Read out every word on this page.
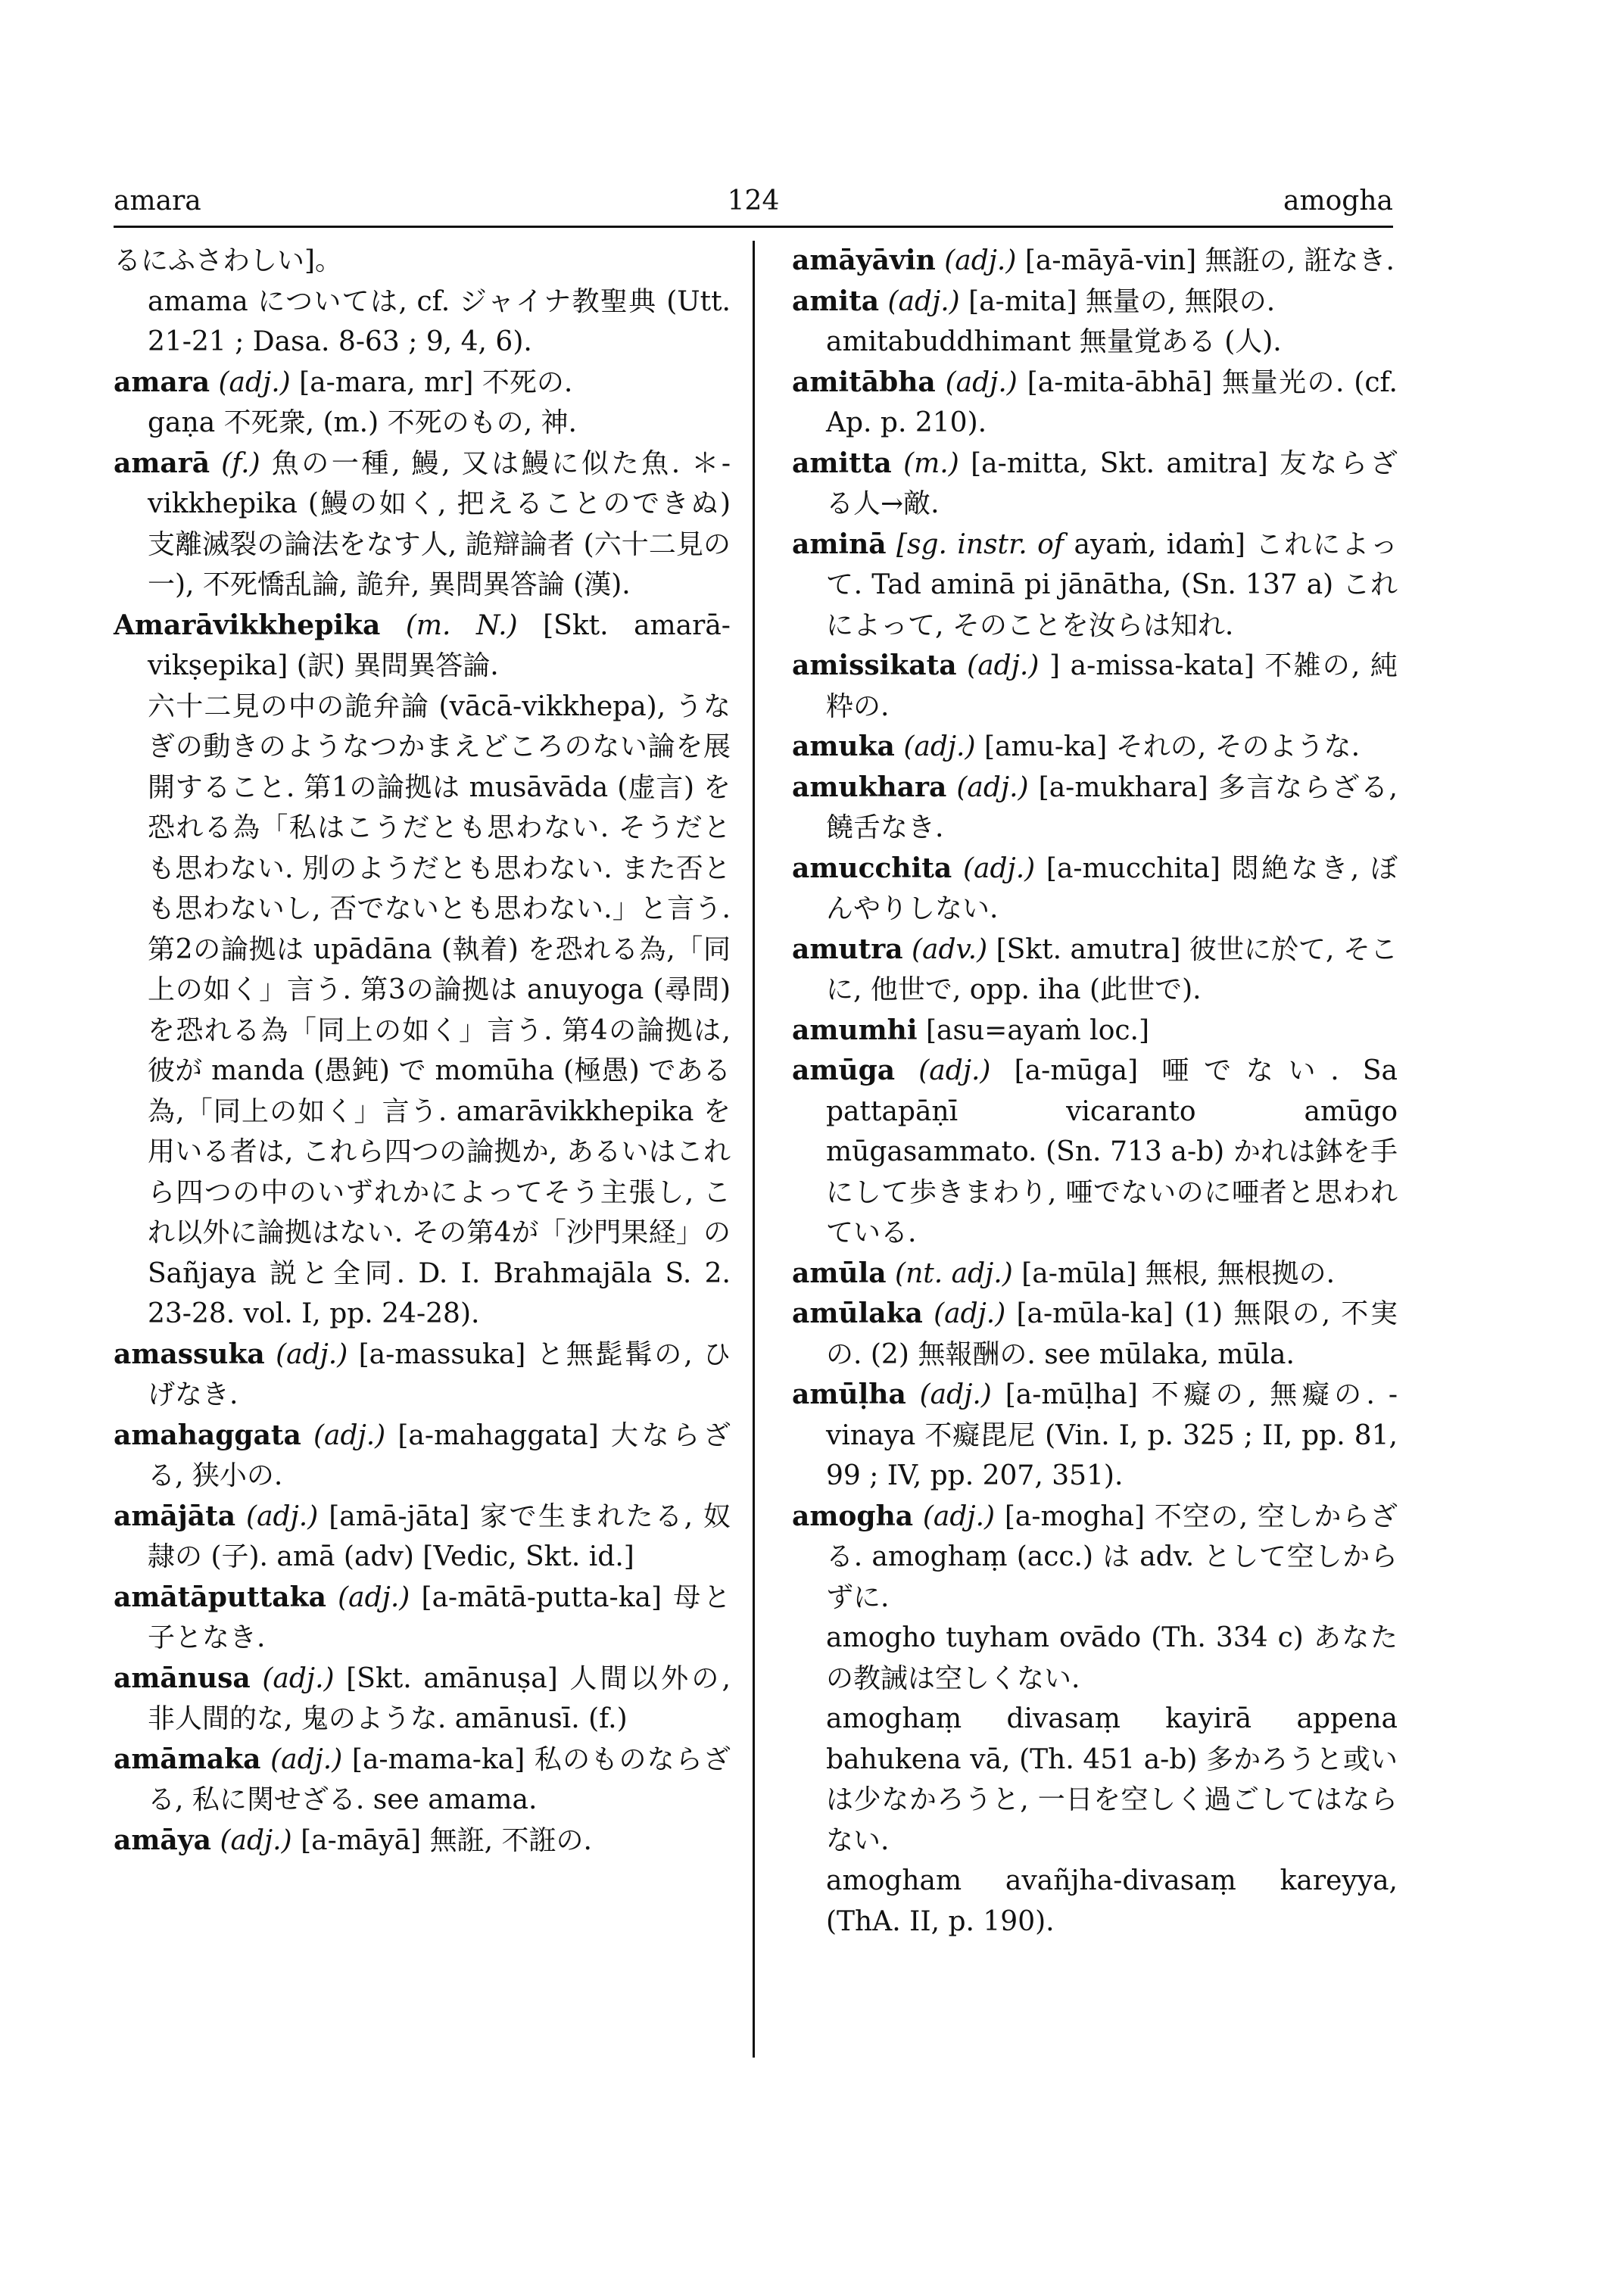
amara	124	amogha
るにふさわしい]。
amama については, cf. ジャイナ教聖典 (Utt. 21-21 ; Dasa. 8-63 ; 9, 4, 6).
amara (adj.) [a-mara, mr] 不死の.
gaṇa 不死衆, (m.) 不死のもの, 神.
amarā (f.) 魚の一種, 鰻, 又は鰻に似た魚. ＊-vikkhepika (鰻の如く, 把えることのできぬ) 支離滅裂の論法をなす人, 詭辯論者 (六十二見の一), 不死憍乱論, 詭弁, 異問異答論 (漢).
Amarāvikkhepika (m. N.) [Skt. amarā-vikṣepika] (訳) 異問異答論.
六十二見の中の詭弁論 (vācā-vikkhepa), うなぎの動きのようなつかまえどころのない論を展開すること. 第1の論拠は musāvāda (虚言) を恐れる為「私はこうだとも思わない. そうだとも思わない. 別のようだとも思わない. また否とも思わないし, 否でないとも思わない.」と言う. 第2の論拠は upādāna (執着) を恐れる為,「同上の如く」言う. 第3の論拠は anuyoga (尋問) を恐れる為「同上の如く」言う. 第4の論拠は, 彼が manda (愚鈍) で momūha (極愚) である為,「同上の如く」言う. amarāvikkhepika を用いる者は, これら四つの論拠か, あるいはこれら四つの中のいずれかによってそう主張し, これ以外に論拠はない. その第4が「沙門果経」の Sañjaya 説と全同. D. I. Brahmajāla S. 2. 23-28. vol. I, pp. 24-28).
amassuka (adj.) [a-massuka] と無髭髯の, ひげなき.
amahaggata (adj.) [a-mahaggata] 大ならざる, 狭小の.
amājāta (adj.) [amā-jāta] 家で生まれたる, 奴隷の (子). amā (adv) [Vedic, Skt. id.]
amātāputtaka (adj.) [a-mātā-putta-ka] 母と子となき.
amānusa (adj.) [Skt. amānuṣa] 人間以外の, 非人間的な, 鬼のような. amānusī. (f.)
amāmaka (adj.) [a-mama-ka] 私のものならざる, 私に関せざる. see amama.
amāya (adj.) [a-māyā] 無誑, 不誑の.
amāyāvin (adj.) [a-māyā-vin] 無誑の, 誑なき.
amita (adj.) [a-mita] 無量の, 無限の.
amitabuddhimant 無量覚ある (人).
amitābha (adj.) [a-mita-ābhā] 無量光の. (cf. Ap. p. 210).
amitta (m.) [a-mitta, Skt. amitra] 友ならざる人→敵.
aminā [sg. instr. of ayaṁ, idaṁ] これによって. Tad aminā pi jānātha, (Sn. 137 a) これによって, そのことを汝らは知れ.
amissikata (adj.) ] a-missa-kata] 不雑の, 純粋の.
amuka (adj.) [amu-ka] それの, そのような.
amukhara (adj.) [a-mukhara] 多言ならざる, 饒舌なき.
amucchita (adj.) [a-mucchita] 悶絶なき, ぼんやりしない.
amutra (adv.) [Skt. amutra] 彼世に於て, そこに, 他世で, opp. iha (此世で).
amumhi [asu=ayaṁ loc.]
amūga (adj.) [a-mūga] 唖でない. Sa pattapāṇī vicaranto amūgo mūgasammato. (Sn. 713 a-b) かれは鉢を手にして歩きまわり, 唖でないのに唖者と思われている.
amūla (nt. adj.) [a-mūla] 無根, 無根拠の.
amūlaka (adj.) [a-mūla-ka] (1) 無限の, 不実の. (2) 無報酬の. see mūlaka, mūla.
amūḷha (adj.) [a-mūḷha] 不癡の, 無癡の. -vinaya 不癡毘尼 (Vin. I, p. 325 ; II, pp. 81, 99 ; IV, pp. 207, 351).
amogha (adj.) [a-mogha] 不空の, 空しからざる. amoghaṃ (acc.) は adv. として空しからずに.
amogho tuyham ovādo (Th. 334 c) あなたの教誡は空しくない.
amoghaṃ divasaṃ kayirā appena bahukena vā, (Th. 451 a-b) 多かろうと或いは少なかろうと, 一日を空しく過ごしてはならない.
amogham avañjha-divasaṃ kareyya, (ThA. II, p. 190).
